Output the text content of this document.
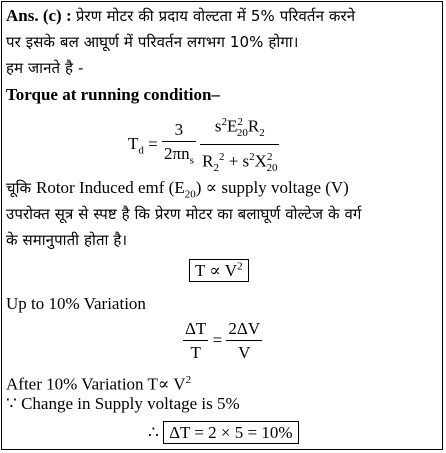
Ans. (c) : प्रेरण मोटर की प्रदाय वोल्टता में 5% परिवर्तन करने
पर इसके बल आघूर्ण में परिवर्तन लगभग 10% होगा।
हम जानते है -
Torque at running condition–
$T_d = \frac{3}{2\pi n_s}$
$\frac{s^2E^2_{20}R_2}{R_2^2 + s^2X^2_{20}}$
चूकि Rotor Induced emf $(E_{20})$ ∝ supply voltage (V)
उपरोक्त सूत्र से स्पष्ट है कि प्रेरण मोटर का बलाघूर्ण वोल्टेज के वर्ग
के समानुपाती होता है।
$T \propto V^2$
Up to 10% Variation
$\frac{\Delta T}{T} = \frac{2\Delta V}{V}$
After 10% Variation $T\propto V^2$
∵ Change in Supply voltage is 5%
∴ ΔT = 2 × 5 = 10%
